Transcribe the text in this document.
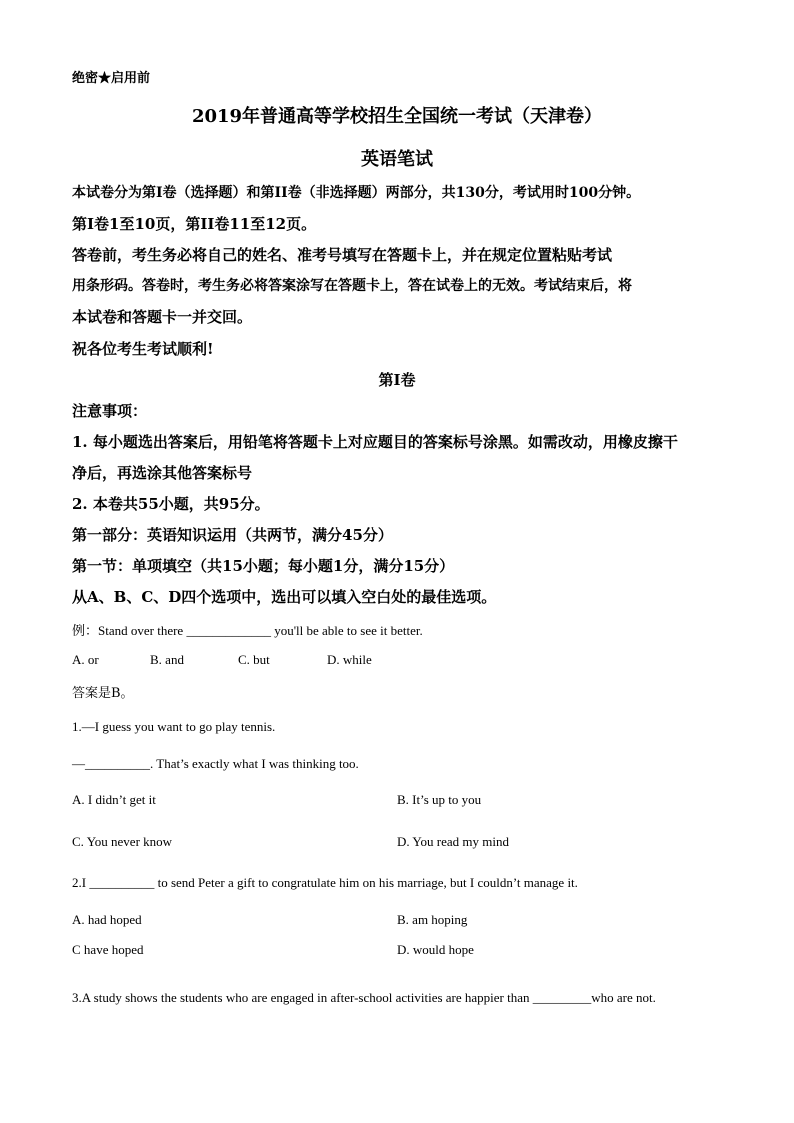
绝密★启用前
2019年普通高等学校招生全国统一考试（天津卷）
英语笔试
本试卷分为第I卷（选择题）和第II卷（非选择题）两部分，共130分，考试用时100分钟。
第I卷1至10页，第II卷11至12页。
答卷前，考生务必将自己的姓名、准考号填写在答题卡上，并在规定位置粘贴考试
用条形码。答卷时，考生务必将答案涂写在答题卡上，答在试卷上的无效。考试结束后，将
本试卷和答题卡一并交回。
祝各位考生考试顺利!
第I卷
注意事项：
1. 每小题选出答案后，用铅笔将答题卡上对应题目的答案标号涂黑。如需改动，用橡皮擦干
净后，再选涂其他答案标号
2. 本卷共55小题，共95分。
第一部分：英语知识运用（共两节，满分45分）
第一节：单项填空（共15小题；每小题1分，满分15分）
从A、B、C、D四个选项中，选出可以填入空白处的最佳选项。
例：Stand over there _____________ you'll be able to see it better.
A. or	B. and	C. but	D. while
答案是B。
1.—I guess you want to go play tennis.
—__________. That’s exactly what I was thinking too.
A. I didn’t get it	B. It’s up to you
C. You never know	D. You read my mind
2.I __________ to send Peter a gift to congratulate him on his marriage, but I couldn’t manage it.
A. had hoped	B. am hoping
C have hoped	D. would hope
3.A study shows the students who are engaged in after-school activities are happier than _________who are not.
